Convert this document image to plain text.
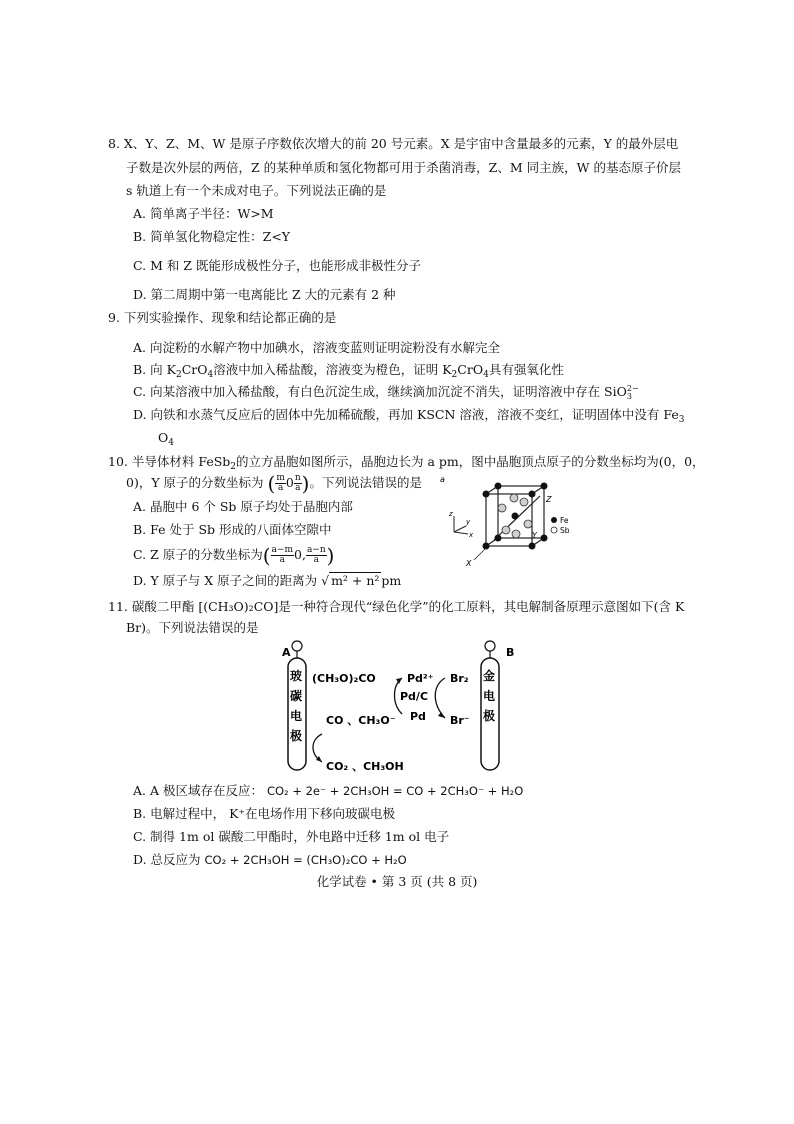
8. X、Y、Z、M、W 是原子序数依次增大的前 20 号元素。X 是宇宙中含量最多的元素，Y 的最外层电
子数是次外层的两倍，Z 的某种单质和氢化物都可用于杀菌消毒，Z、M 同主族，W 的基态原子价层
s 轨道上有一个未成对电子。下列说法正确的是
A. 简单离子半径：W>M
B. 简单氢化物稳定性：Z<Y
C. M 和 Z 既能形成极性分子，也能形成非极性分子
D. 第二周期中第一电离能比 Z 大的元素有 2 种
9. 下列实验操作、现象和结论都正确的是
A. 向淀粉的水解产物中加碘水，溶液变蓝则证明淀粉没有水解完全
B. 向 $K_2CrO_4$溶液中加入稀盐酸，溶液变为橙色，证明 $K_2CrO_4$具有强氧化性
C. 向某溶液中加入稀盐酸，有白色沉淀生成，继续滴加沉淀不消失，证明溶液中存在 SiO 2−
3
D. 向铁和水蒸气反应后的固体中先加稀硫酸，再加 KSCN 溶液，溶液不变红，证明固体中没有 $Fe_3$
$O_4$
10. 半导体材料 FeSb$_2$的立方晶胞如图所示，晶胞边长为 a pm，图中晶胞顶点原子的分数坐标均为(0，0，
0)，Y 原子的分数坐标为 ( $\frac{m}{a} 0 \frac{n}{a}$ )。下列说法错误的是
A. 晶胞中 6 个 Sb 原子均处于晶胞内部
B. Fe 处于 Sb 形成的八面体空隙中
C. Z 原子的分数坐标为( $\frac{a-m}{a} 0$, $\frac{a-n}{a}$ )
D. Y 原子与 X 原子之间的距离为 √ m² + n² pm
a
z
y
x
Z
Y
X
Fe
Sb
11. 碳酸二甲酯 [(CH₃O)₂CO]是一种符合现代“绿色化学”的化工原料，其电解制备原理示意图如下(含 K
Br)。下列说法错误的是
A
玻
碳
电
极
B
金
电
极
(CH₃O)₂CO
CO 、CH₃O⁻
CO₂ 、CH₃OH
Pd²⁺
Pd/C
Pd
Br₂
Br⁻
A. A 极区域存在反应： CO₂ + 2e⁻ + 2CH₃OH = CO + 2CH₃O⁻ + H₂O
B. 电解过程中， K⁺在电场作用下移向玻碳电极
C. 制得 1m ol 碳酸二甲酯时，外电路中迁移 1m ol 电子
D. 总反应为 CO₂ + 2CH₃OH = (CH₃O)₂CO + H₂O
化学试卷 • 第 3 页 (共 8 页)
